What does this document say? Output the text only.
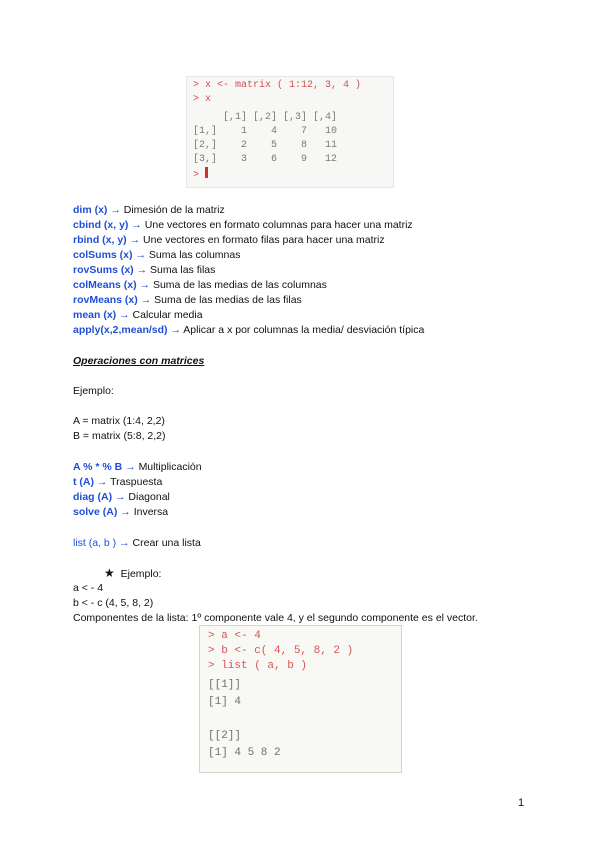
> x <- matrix ( 1:12, 3, 4 )
> x
[,1] [,2] [,3] [,4]
[1,]    1    4    7   10
[2,]    2    5    8   11
[3,]    3    6    9   12
>
dim (x) → Dimesión de la matriz
cbind (x, y) → Une vectores en formato columnas para hacer una matriz
rbind (x, y) → Une vectores en formato filas para hacer una matriz
colSums (x) → Suma las columnas
rovSums (x) → Suma las filas
colMeans (x) → Suma de las medias de las columnas
rovMeans (x) → Suma de las medias de las filas
mean (x) → Calcular media
apply(x,2,mean/sd) → Aplicar a x por columnas la media/ desviación típica
Operaciones con matrices
Ejemplo:
A = matrix (1:4, 2,2)
B = matrix (5:8, 2,2)
A % * % B → Multiplicación
t (A) → Traspuesta
diag (A) → Diagonal
solve (A) → Inversa
list (a, b ) → Crear una lista
★ Ejemplo:
a < - 4
b < - c (4, 5, 8, 2)
Componentes de la lista: 1º componente vale 4, y el segundo componente es el vector.
> a <- 4
> b <- c( 4, 5, 8, 2 )
> list ( a, b )
[[1]]
[1] 4
[[2]]
[1] 4 5 8 2
1
